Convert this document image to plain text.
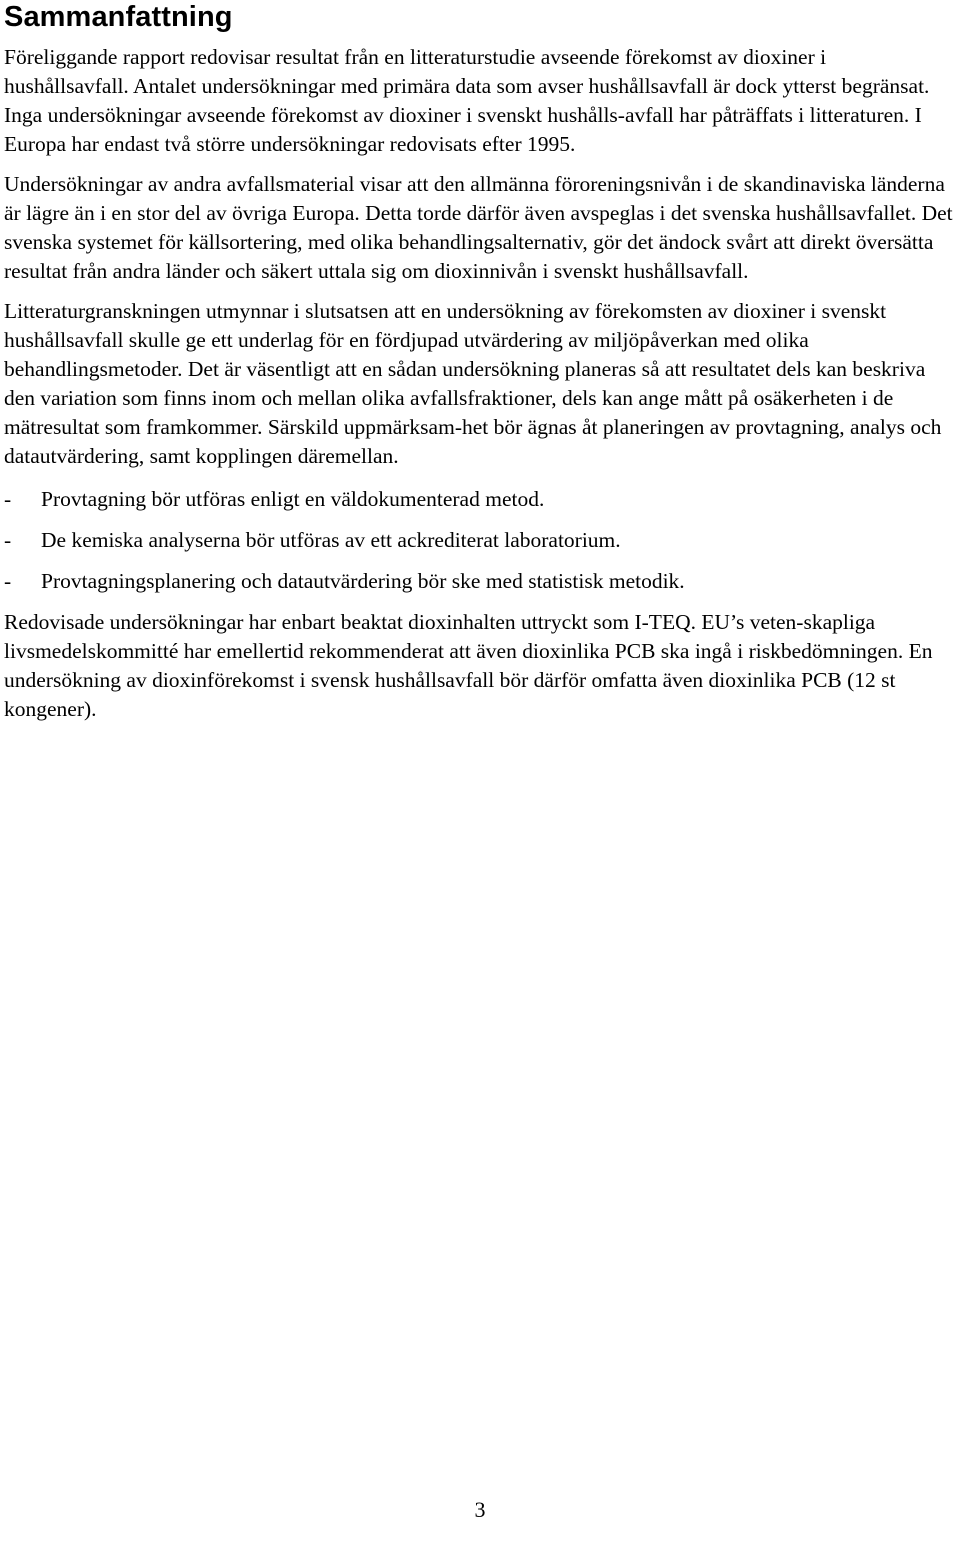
Sammanfattning

Föreliggande rapport redovisar resultat från en litteraturstudie avseende förekomst av dioxiner i hushållsavfall. Antalet undersökningar med primära data som avser hushållsavfall är dock ytterst begränsat. Inga undersökningar avseende förekomst av dioxiner i svenskt hushålls-avfall har påträffats i litteraturen. I Europa har endast två större undersökningar redovisats efter 1995.

Undersökningar av andra avfallsmaterial visar att den allmänna föroreningsnivån i de skandinaviska länderna är lägre än i en stor del av övriga Europa. Detta torde därför även avspeglas i det svenska hushållsavfallet. Det svenska systemet för källsortering, med olika behandlingsalternativ, gör det ändock svårt att direkt översätta resultat från andra länder och säkert uttala sig om dioxinnivån i svenskt hushållsavfall.

Litteraturgranskningen utmynnar i slutsatsen att en undersökning av förekomsten av dioxiner i svenskt hushållsavfall skulle ge ett underlag för en fördjupad utvärdering av miljöpåverkan med olika behandlingsmetoder. Det är väsentligt att en sådan undersökning planeras så att resultatet dels kan beskriva den variation som finns inom och mellan olika avfallsfraktioner, dels kan ange mått på osäkerheten i de mätresultat som framkommer. Särskild uppmärksam-het bör ägnas åt planeringen av provtagning, analys och datautvärdering, samt kopplingen däremellan.

-	Provtagning bör utföras enligt en väldokumenterad metod.
-	De kemiska analyserna bör utföras av ett ackrediterat laboratorium.
-	Provtagningsplanering och datautvärdering bör ske med statistisk metodik.

Redovisade undersökningar har enbart beaktat dioxinhalten uttryckt som I-TEQ. EU’s veten-skapliga livsmedelskommitté har emellertid rekommenderat att även dioxinlika PCB ska ingå i riskbedömningen. En undersökning av dioxinförekomst i svensk hushållsavfall bör därför omfatta även dioxinlika PCB (12 st kongener).

3
